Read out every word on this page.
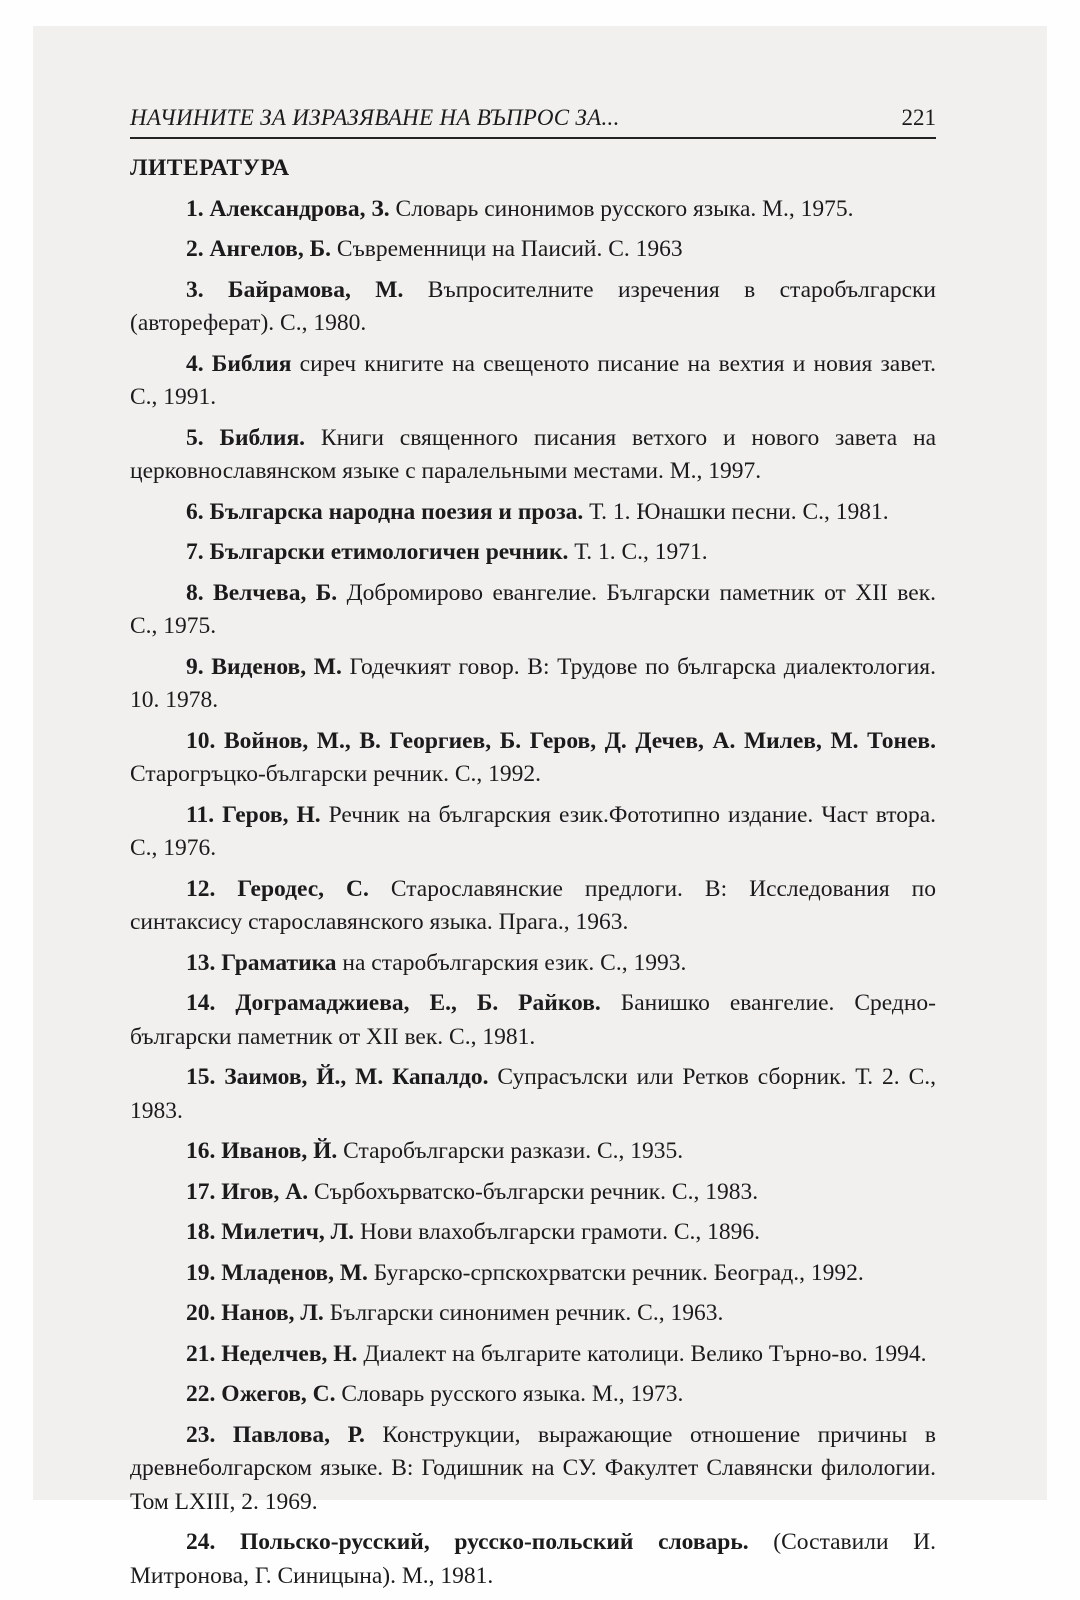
НАЧИНИТЕ ЗА ИЗРАЗЯВАНЕ НА ВЪПРОС ЗА...	221
ЛИТЕРАТУРА

1. Александрова, З. Словарь синонимов русского языка. М., 1975.

2. Ангелов, Б. Съвременници на Паисий. С. 1963

3. Байрамова, М. Въпросителните изречения в старобългарски (автореферат). С., 1980.

4. Библия сиреч книгите на свещеното писание на вехтия и новия завет. С., 1991.

5. Библия. Книги священного писания ветхого и нового завета на церковнославянском языке с паралельными местами. М., 1997.

6. Българска народна поезия и проза. Т. 1. Юнашки песни. С., 1981.

7. Български етимологичен речник. Т. 1. С., 1971.

8. Велчева, Б. Добромирово евангелие. Български паметник от XII век. С., 1975.

9. Виденов, М. Годечкият говор. В: Трудове по българска диалектология. 10. 1978.

10. Войнов, М., В. Георгиев, Б. Геров, Д. Дечев, А. Милев, М. Тонев. Старогръцко-български речник. С., 1992.

11. Геров, Н. Речник на българския език.Фототипно издание. Част втора. С., 1976.

12. Геродес, С. Старославянские предлоги. В: Исследования по синтаксису старославянского языка. Прага., 1963.

13. Граматика на старобългарския език. С., 1993.

14. Дограмаджиева, Е., Б. Райков. Банишко евангелие. Средно-български паметник от XII век. С., 1981.

15. Заимов, Й., М. Капалдо. Супрасълски или Ретков сборник. Т. 2. С., 1983.

16. Иванов, Й. Старобългарски разкази. С., 1935.

17. Игов, А. Сърбохърватско-български речник. С., 1983.

18. Милетич, Л. Нови влахобългарски грамоти. С., 1896.

19. Младенов, М. Бугарско-српскохрватски речник. Београд., 1992.

20. Нанов, Л. Български синонимен речник. С., 1963.

21. Неделчев, Н. Диалект на българите католици. Велико Търно-во. 1994.

22. Ожегов, С. Словарь русского языка. М., 1973.

23. Павлова, Р. Конструкции, выражающие отношение причины в древнеболгарском языке. В: Годишник на СУ. Факултет Славянски филологии. Том LXIII, 2. 1969.

24. Польско-русский, русско-польский словарь. (Составили И. Митронова, Г. Синицына). М., 1981.
